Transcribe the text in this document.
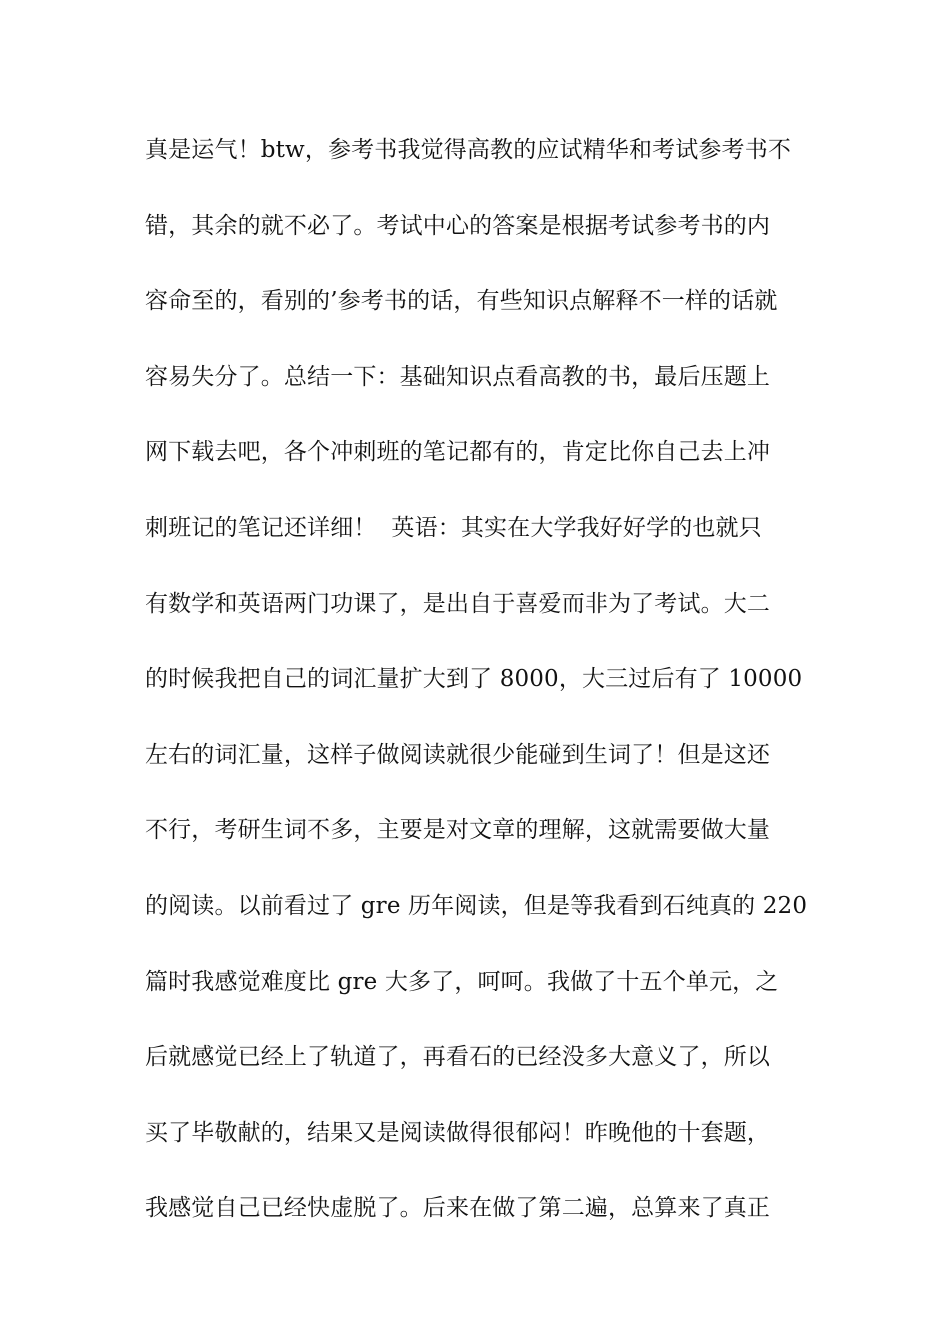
真是运气！btw，参考书我觉得高教的应试精华和考试参考书不
错，其余的就不必了。考试中心的答案是根据考试参考书的内
容命至的，看别的’参考书的话，有些知识点解释不一样的话就
容易失分了。总结一下：基础知识点看高教的书，最后压题上
网下载去吧，各个冲刺班的笔记都有的，肯定比你自己去上冲
刺班记的笔记还详细！  英语：其实在大学我好好学的也就只
有数学和英语两门功课了，是出自于喜爱而非为了考试。大二
的时候我把自己的词汇量扩大到了 8000，大三过后有了 10000
左右的词汇量，这样子做阅读就很少能碰到生词了！但是这还
不行，考研生词不多，主要是对文章的理解，这就需要做大量
的阅读。以前看过了 gre 历年阅读，但是等我看到石纯真的 220
篇时我感觉难度比 gre 大多了，呵呵。我做了十五个单元，之
后就感觉已经上了轨道了，再看石的已经没多大意义了，所以
买了毕敬献的，结果又是阅读做得很郁闷！昨晚他的十套题，
我感觉自己已经快虚脱了。后来在做了第二遍，总算来了真正
